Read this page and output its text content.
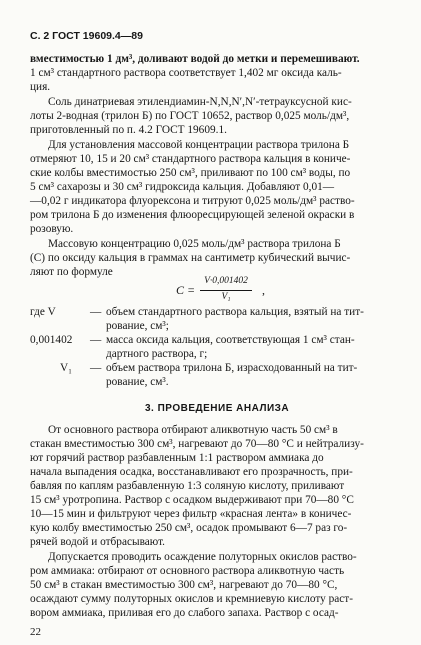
С. 2 ГОСТ 19609.4—89
вместимостью 1 дм³, доливают водой до метки и перемешивают.
1 см³ стандартного раствора соответствует 1,402 мг оксида каль-
ция.
Соль динатриевая этилендиамин-N,N,N′,N′-тетрауксусной кис-
лоты 2-водная (трилон Б) по ГОСТ 10652, раствор 0,025 моль/дм³,
приготовленный по п. 4.2 ГОСТ 19609.1.
Для установления массовой концентрации раствора трилона Б
отмеряют 10, 15 и 20 см³ стандартного раствора кальция в кониче-
ские колбы вместимостью 250 см³, приливают по 100 см³ воды, по
5 см³ сахарозы и 30 см³ гидроксида кальция. Добавляют 0,01—
—0,02 г индикатора флуорексона и титруют 0,025 моль/дм³ раство-
ром трилона Б до изменения флюоресцирующей зеленой окраски в
розовую.
Массовую концентрацию 0,025 моль/дм³ раствора трилона Б
(C) по оксиду кальция в граммах на сантиметр кубический вычис-
ляют по формуле
C =
V·0,001402
V₁	,
где V	— объем стандартного раствора кальция, взятый на тит-
рование, см³;
0,001402 — масса оксида кальция, соответствующая 1 см³ стан-
дартного раствора, г;
V₁ — объем раствора трилона Б, израсходованный на тит-
рование, см³.
3. ПРОВЕДЕНИЕ АНАЛИЗА
От основного раствора отбирают аликвотную часть 50 см³ в
стакан вместимостью 300 см³, нагревают до 70—80 °С и нейтрализу-
ют горячий раствор разбавленным 1:1 раствором аммиака до
начала выпадения осадка, восстанавливают его прозрачность, при-
бавляя по каплям разбавленную 1:3 соляную кислоту, приливают
15 см³ уротропина. Раствор с осадком выдерживают при 70—80 °С
10—15 мин и фильтруют через фильтр «красная лента» в коничес-
кую колбу вместимостью 250 см³, осадок промывают 6—7 раз го-
рячей водой и отбрасывают.
Допускается проводить осаждение полуторных окислов раство-
ром аммиака: отбирают от основного раствора аликвотную часть
50 см³ в стакан вместимостью 300 см³, нагревают до 70—80 °С,
осаждают сумму полуторных окислов и кремниевую кислоту раст-
вором аммиака, приливая его до слабого запаха. Раствор с осад-
22
